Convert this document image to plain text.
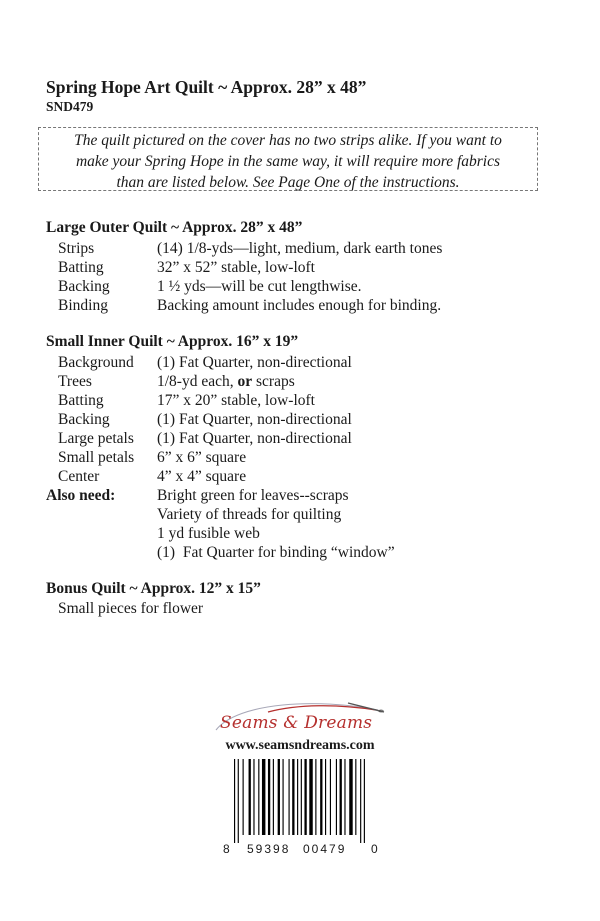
Spring Hope Art Quilt ~ Approx. 28” x 48”
SND479
The quilt pictured on the cover has no two strips alike. If you want to
make your Spring Hope in the same way, it will require more fabrics
than are listed below. See Page One of the instructions.
Large Outer Quilt ~ Approx. 28” x 48”
Strips	(14) 1/8-yds—light, medium, dark earth tones
Batting	32” x 52” stable, low-loft
Backing	1 ½ yds—will be cut lengthwise.
Binding	Backing amount includes enough for binding.
Small Inner Quilt ~ Approx. 16” x 19”
Background (1) Fat Quarter, non-directional
Trees	1/8-yd each, or scraps
Batting	17” x 20” stable, low-loft
Backing	(1) Fat Quarter, non-directional
Large petals (1) Fat Quarter, non-directional
Small petals 6” x 6” square
Center	4” x 4” square
Also need:	Bright green for leaves--scraps
Variety of threads for quilting
1 yd fusible web
(1)  Fat Quarter for binding “window”
Bonus Quilt ~ Approx. 12” x 15”
Small pieces for flower
Seams & Dreams
www.seamsndreams.com
8 59398 00479 0
